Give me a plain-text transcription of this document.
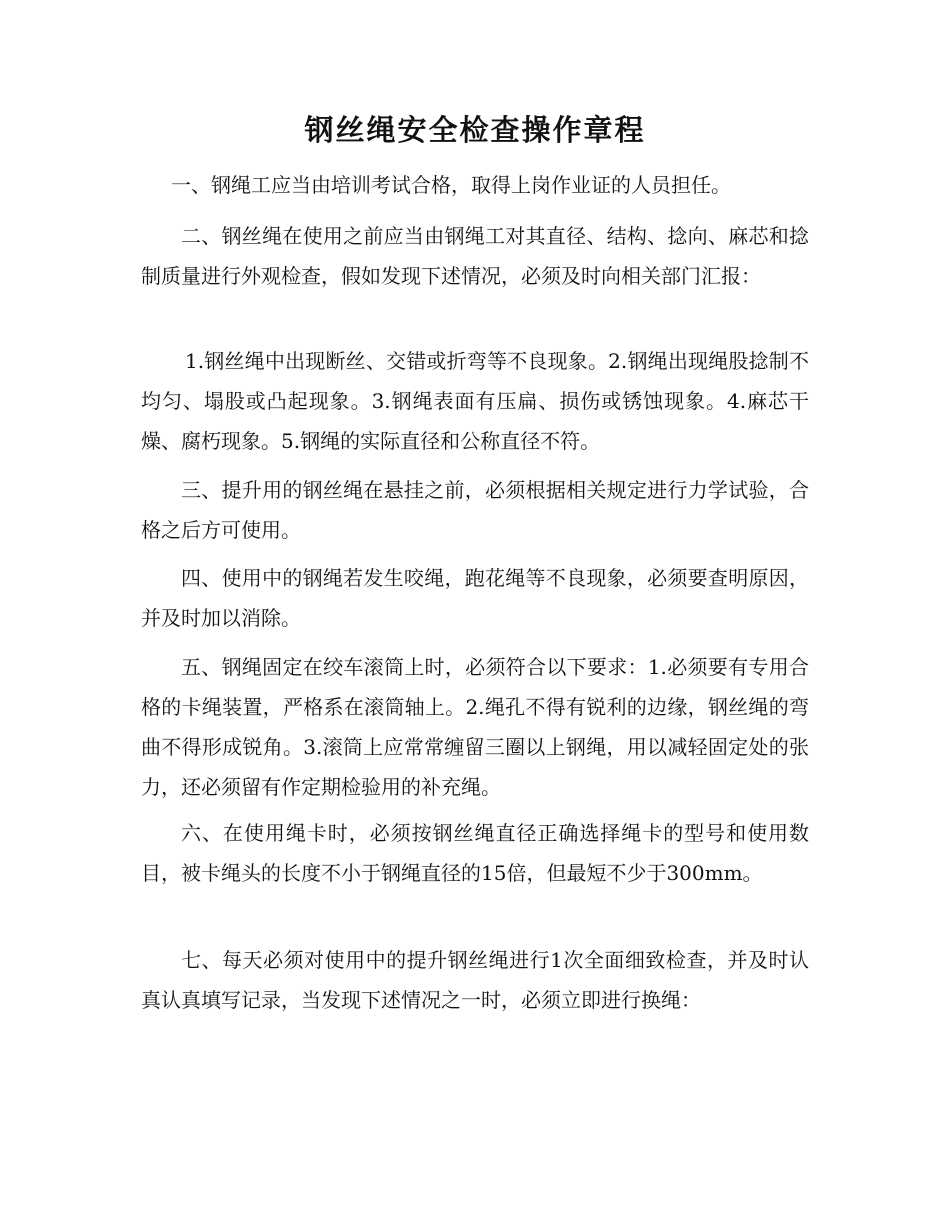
钢丝绳安全检查操作章程

一、钢绳工应当由培训考试合格，取得上岗作业证的人员担任。

二、钢丝绳在使用之前应当由钢绳工对其直径、结构、捻向、麻芯和捻制质量进行外观检查，假如发现下述情况，必须及时向相关部门汇报：

1.钢丝绳中出现断丝、交错或折弯等不良现象。2.钢绳出现绳股捻制不均匀、塌股或凸起现象。3.钢绳表面有压扁、损伤或锈蚀现象。4.麻芯干燥、腐朽现象。5.钢绳的实际直径和公称直径不符。

三、提升用的钢丝绳在悬挂之前，必须根据相关规定进行力学试验，合格之后方可使用。

四、使用中的钢绳若发生咬绳，跑花绳等不良现象，必须要查明原因，并及时加以消除。

五、钢绳固定在绞车滚筒上时，必须符合以下要求：1.必须要有专用合格的卡绳装置，严格系在滚筒轴上。2.绳孔不得有锐利的边缘，钢丝绳的弯曲不得形成锐角。3.滚筒上应常常缠留三圈以上钢绳，用以减轻固定处的张力，还必须留有作定期检验用的补充绳。

六、在使用绳卡时，必须按钢丝绳直径正确选择绳卡的型号和使用数目，被卡绳头的长度不小于钢绳直径的15倍，但最短不少于300mm。

七、每天必须对使用中的提升钢丝绳进行1次全面细致检查，并及时认真认真填写记录，当发现下述情况之一时，必须立即进行换绳：
